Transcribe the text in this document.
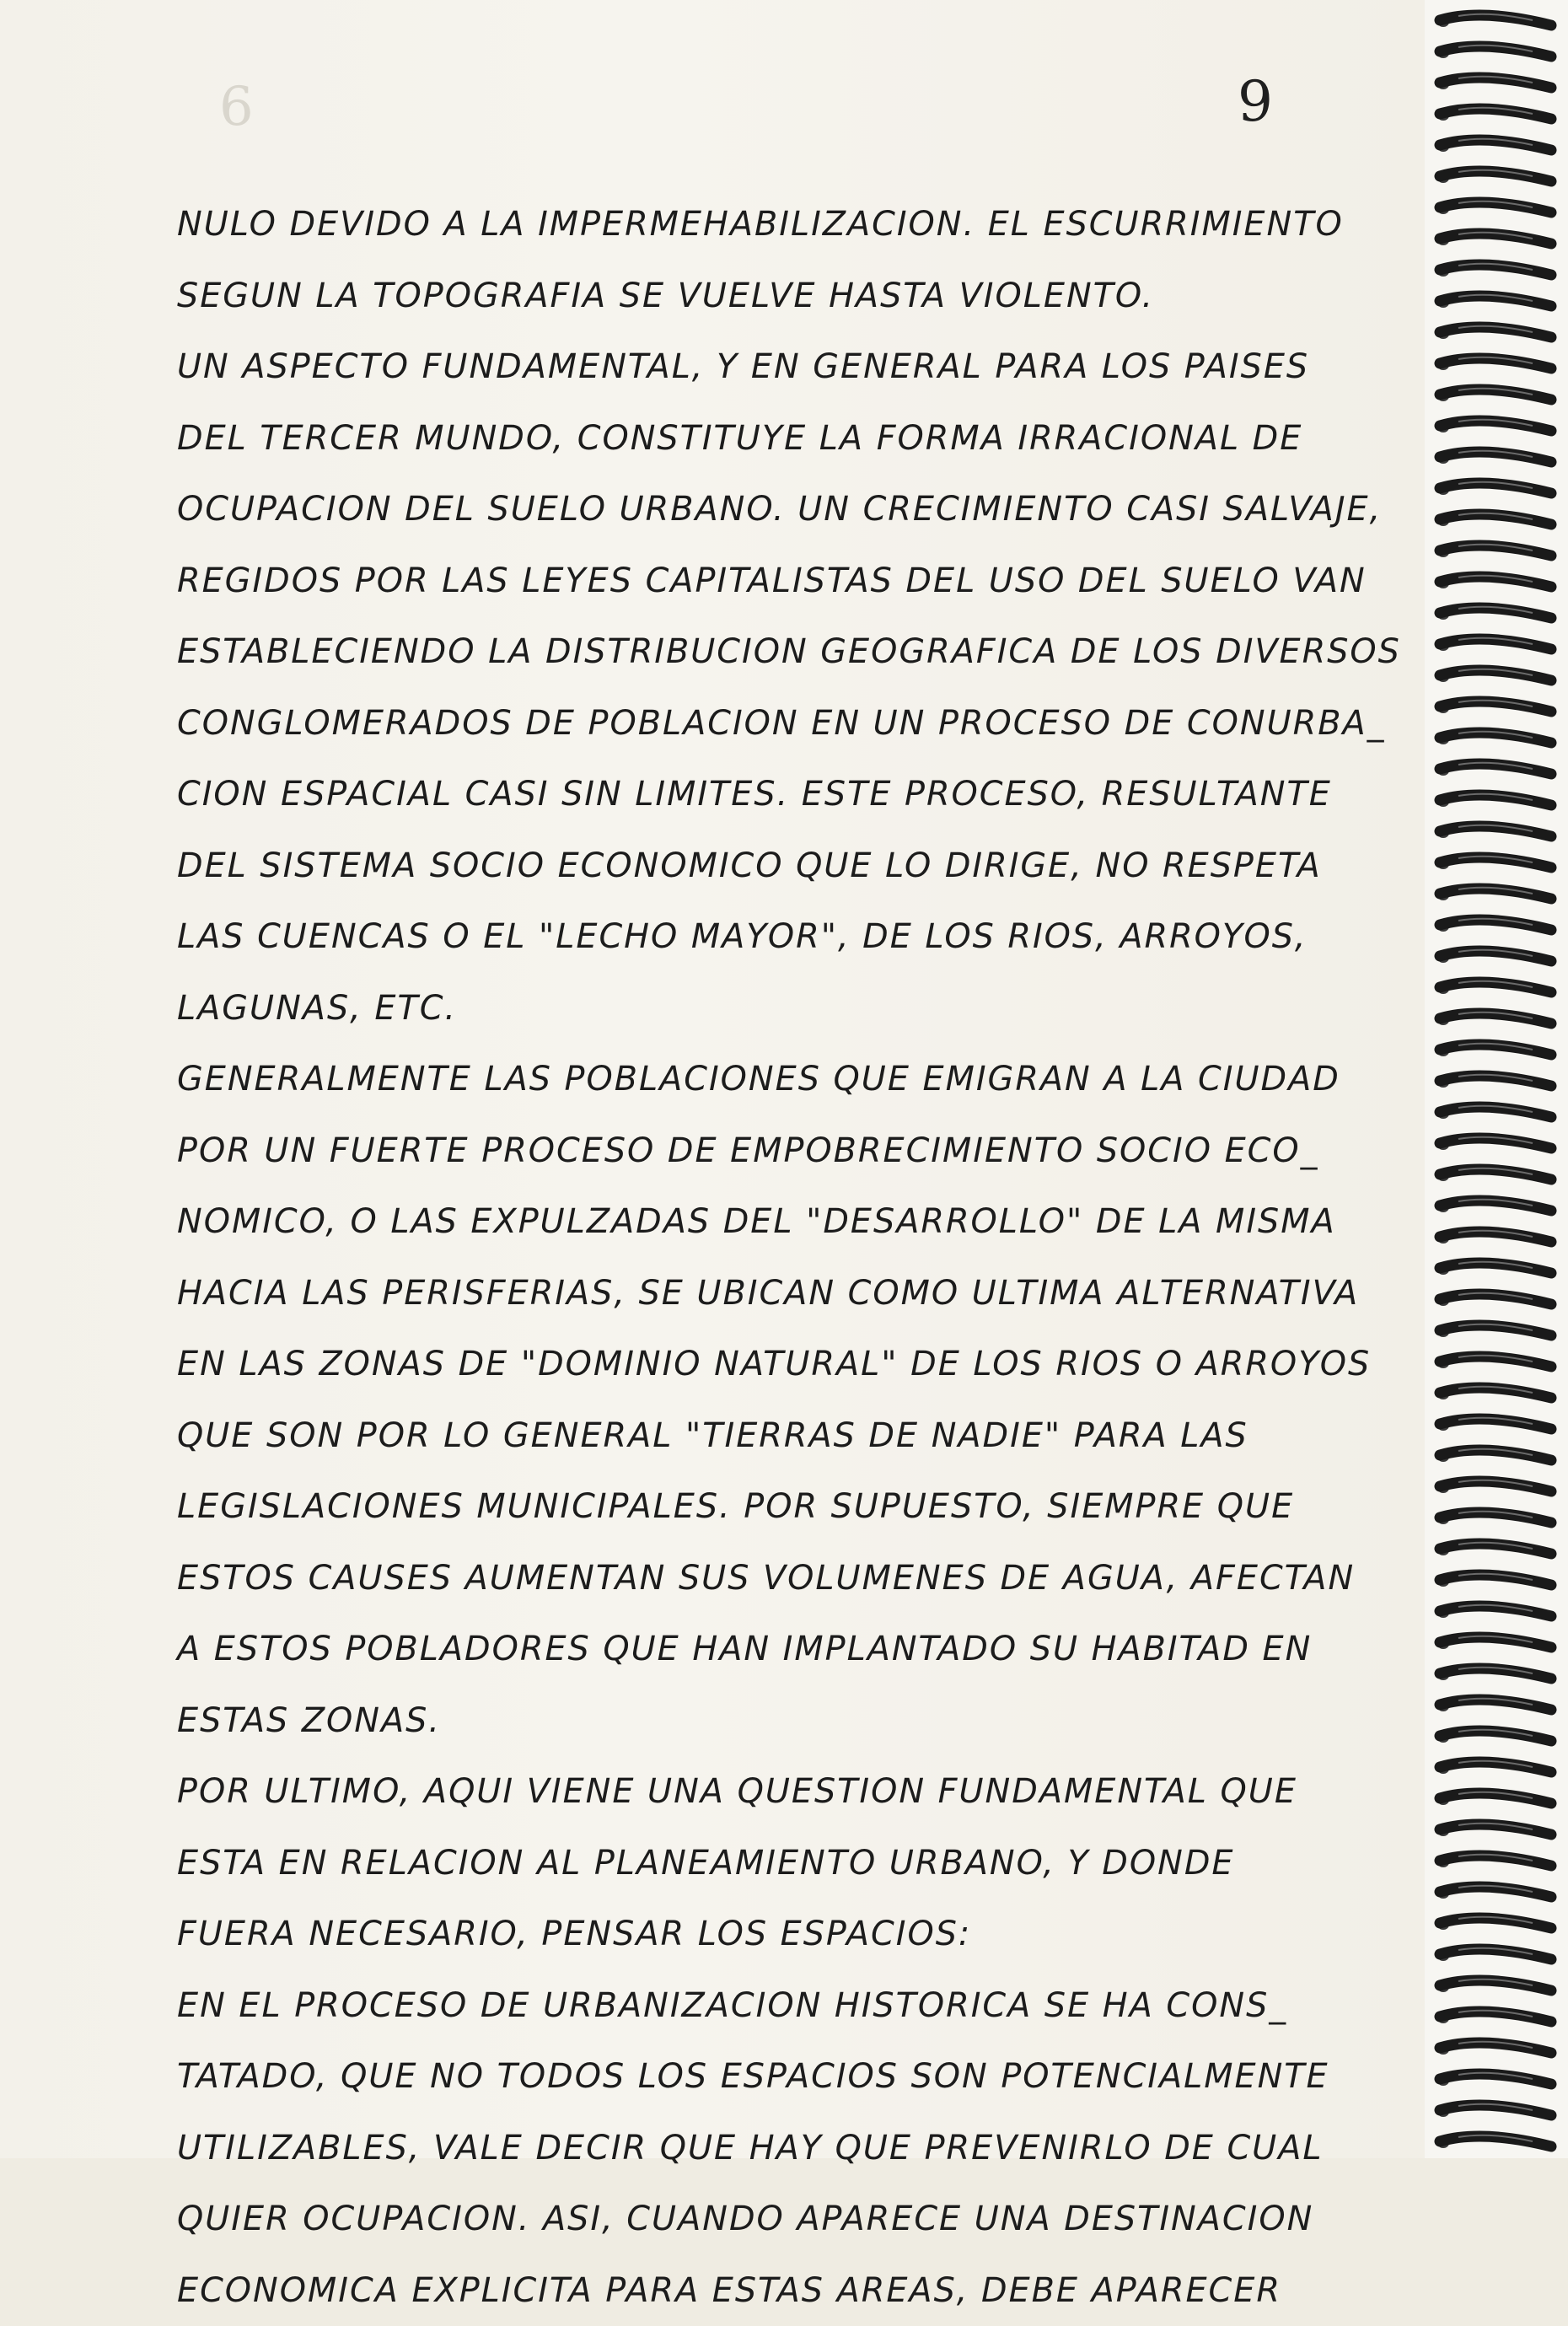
6	9
NULO DEVIDO A LA IMPERMEHABILIZACION. EL ESCURRIMIENTO
SEGUN LA TOPOGRAFIA SE VUELVE HASTA VIOLENTO.
UN ASPECTO FUNDAMENTAL, Y EN GENERAL PARA LOS PAISES
DEL TERCER MUNDO, CONSTITUYE LA FORMA IRRACIONAL DE
OCUPACION DEL SUELO URBANO. UN CRECIMIENTO CASI SALVAJE,
REGIDOS POR LAS LEYES CAPITALISTAS DEL USO DEL SUELO VAN
ESTABLECIENDO LA DISTRIBUCION GEOGRAFICA DE LOS DIVERSOS
CONGLOMERADOS DE POBLACION EN UN PROCESO DE CONURBA_
CION ESPACIAL CASI SIN LIMITES. ESTE PROCESO, RESULTANTE
DEL SISTEMA SOCIO ECONOMICO QUE LO DIRIGE, NO RESPETA
LAS CUENCAS O EL "LECHO MAYOR", DE LOS RIOS, ARROYOS,
LAGUNAS, ETC.
GENERALMENTE LAS POBLACIONES QUE EMIGRAN A LA CIUDAD
POR UN FUERTE PROCESO DE EMPOBRECIMIENTO SOCIO ECO_
NOMICO, O LAS EXPULZADAS DEL "DESARROLLO" DE LA MISMA
HACIA LAS PERISFERIAS, SE UBICAN COMO ULTIMA ALTERNATIVA
EN LAS ZONAS DE "DOMINIO NATURAL" DE LOS RIOS O ARROYOS
QUE SON POR LO GENERAL "TIERRAS DE NADIE" PARA LAS
LEGISLACIONES MUNICIPALES. POR SUPUESTO, SIEMPRE QUE
ESTOS CAUSES AUMENTAN SUS VOLUMENES DE AGUA, AFECTAN
A ESTOS POBLADORES QUE HAN IMPLANTADO SU HABITAD EN
ESTAS ZONAS.
POR ULTIMO, AQUI VIENE UNA QUESTION FUNDAMENTAL QUE
ESTA EN RELACION AL PLANEAMIENTO URBANO, Y DONDE
FUERA NECESARIO, PENSAR LOS ESPACIOS:
EN EL PROCESO DE URBANIZACION HISTORICA SE HA CONS_
TATADO, QUE NO TODOS LOS ESPACIOS SON POTENCIALMENTE
UTILIZABLES, VALE DECIR QUE HAY QUE PREVENIRLO DE CUAL
QUIER OCUPACION. ASI, CUANDO APARECE UNA DESTINACION
ECONOMICA EXPLICITA PARA ESTAS AREAS, DEBE APARECER
